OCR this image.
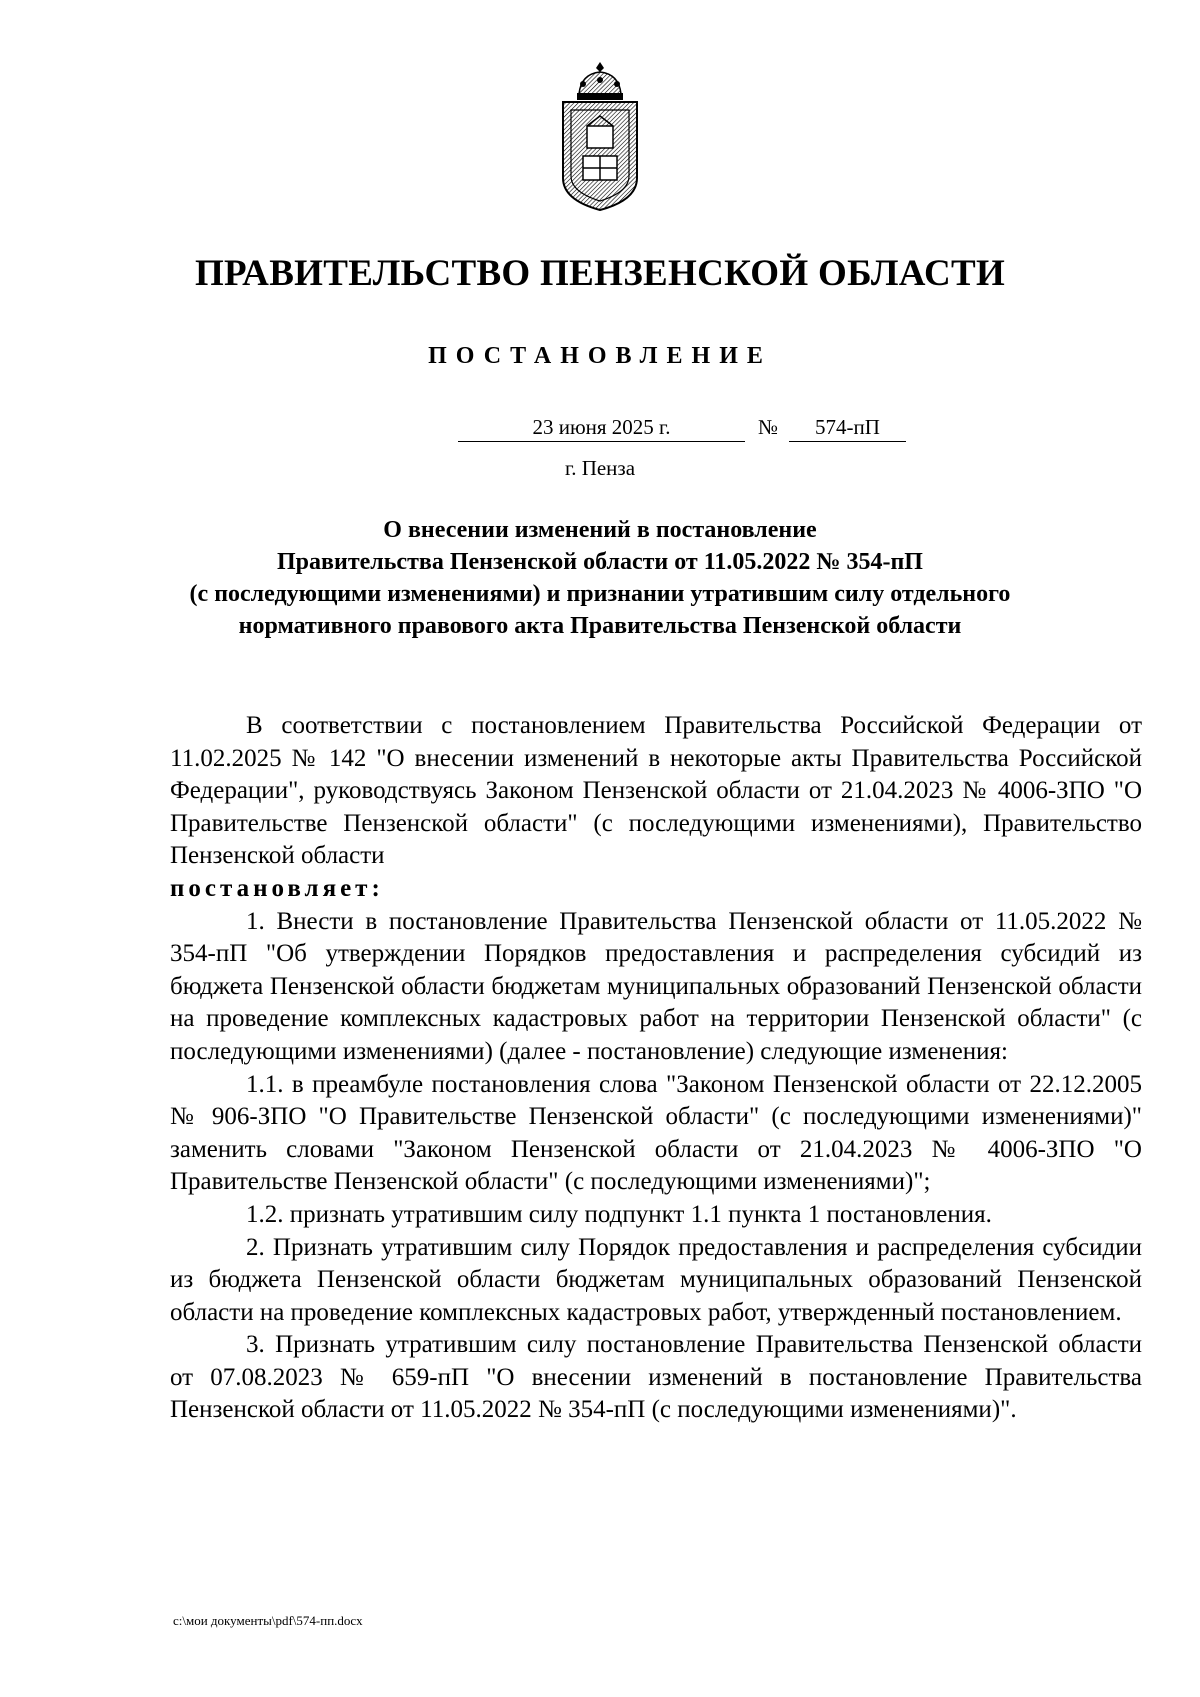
ПРАВИТЕЛЬСТВО ПЕНЗЕНСКОЙ ОБЛАСТИ
ПОСТАНОВЛЕНИЕ
23 июня 2025 г.	№	574-пП
г. Пенза
О внесении изменений в постановление
Правительства Пензенской области от 11.05.2022 № 354-пП
(с последующими изменениями) и признании утратившим силу отдельного
нормативного правового акта Правительства Пензенской области

В соответствии с постановлением Правительства Российской Федерации от 11.02.2025 № 142 "О внесении изменений в некоторые акты Правительства Российской Федерации", руководствуясь Законом Пензенской области от 21.04.2023 № 4006-ЗПО "О Правительстве Пензенской области" (с последующими изменениями), Правительство Пензенской области

постановляет:

1. Внести в постановление Правительства Пензенской области от 11.05.2022 № 354-пП "Об утверждении Порядков предоставления и распределения субсидий из бюджета Пензенской области бюджетам муниципальных образований Пензенской области на проведение комплексных кадастровых работ на территории Пензенской области" (с последующими изменениями) (далее - постановление) следующие изменения:

1.1. в преамбуле постановления слова "Законом Пензенской области от 22.12.2005 № 906-ЗПО "О Правительстве Пензенской области" (с последующими изменениями)" заменить словами "Законом Пензенской области от 21.04.2023 № 4006-ЗПО "О Правительстве Пензенской области" (с последующими изменениями)";

1.2. признать утратившим силу подпункт 1.1 пункта 1 постановления.

2. Признать утратившим силу Порядок предоставления и распределения субсидии из бюджета Пензенской области бюджетам муниципальных образований Пензенской области на проведение комплексных кадастровых работ, утвержденный постановлением.

3. Признать утратившим силу постановление Правительства Пензенской области от 07.08.2023 № 659-пП "О внесении изменений в постановление Правительства Пензенской области от 11.05.2022 № 354-пП (с последующими изменениями)".

c:\мои документы\pdf\574-пп.docx
